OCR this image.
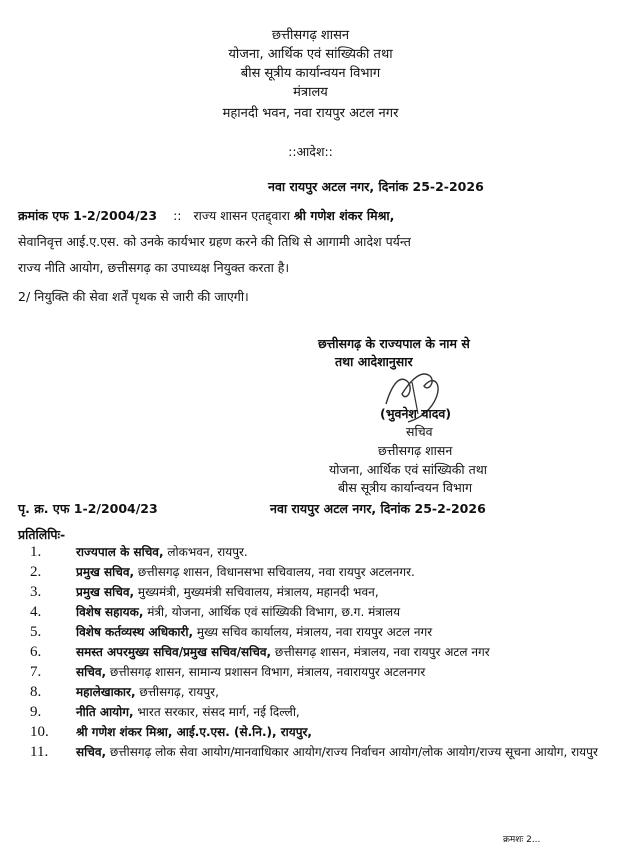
छत्तीसगढ़ शासन
योजना, आर्थिक एवं सांख्यिकी तथा
बीस सूत्रीय कार्यान्वयन विभाग
मंत्रालय
महानदी भवन, नवा रायपुर अटल नगर
::आदेश::
नवा रायपुर अटल नगर, दिनांक 25-2-2026
क्रमांक एफ 1-2/2004/23 :: राज्य शासन एतद्द्वारा श्री गणेश शंकर मिश्रा,
सेवानिवृत्त आई.ए.एस. को उनके कार्यभार ग्रहण करने की तिथि से आगामी आदेश पर्यन्त
राज्य नीति आयोग, छत्तीसगढ़ का उपाध्यक्ष नियुक्त करता है।
2/ नियुक्ति की सेवा शर्तें पृथक से जारी की जाएगी।
छत्तीसगढ़ के राज्यपाल के नाम से
तथा आदेशानुसार
(भुवनेश यादव)
सचिव
छत्तीसगढ़ शासन
योजना, आर्थिक एवं सांख्यिकी तथा
बीस सूत्रीय कार्यान्वयन विभाग
पृ. क्र. एफ 1-2/2004/23	नवा रायपुर अटल नगर, दिनांक 25-2-2026
प्रतिलिपिः-
1.	राज्यपाल के सचिव, लोकभवन, रायपुर.
2.	प्रमुख सचिव, छत्तीसगढ़ शासन, विधानसभा सचिवालय, नवा रायपुर अटलनगर.
3.	प्रमुख सचिव, मुख्यमंत्री, मुख्यमंत्री सचिवालय, मंत्रालय, महानदी भवन,
4.	विशेष सहायक, मंत्री, योजना, आर्थिक एवं सांख्यिकी विभाग, छ.ग. मंत्रालय
5.	विशेष कर्तव्यस्थ अधिकारी, मुख्य सचिव कार्यालय, मंत्रालय, नवा रायपुर अटल नगर
6.	समस्त अपरमुख्य सचिव/प्रमुख सचिव/सचिव, छत्तीसगढ़ शासन, मंत्रालय, नवा रायपुर अटल नगर
7.	सचिव, छत्तीसगढ़ शासन, सामान्य प्रशासन विभाग, मंत्रालय, नवारायपुर अटलनगर
8.	महालेखाकार, छत्तीसगढ़, रायपुर,
9.	नीति आयोग, भारत सरकार, संसद मार्ग, नई दिल्ली,
10.	श्री गणेश शंकर मिश्रा, आई.ए.एस. (से.नि.), रायपुर,
11.	सचिव, छत्तीसगढ़ लोक सेवा आयोग/मानवाधिकार आयोग/राज्य निर्वाचन आयोग/लोक आयोग/राज्य सूचना आयोग, रायपुर
क्रमशः 2...
